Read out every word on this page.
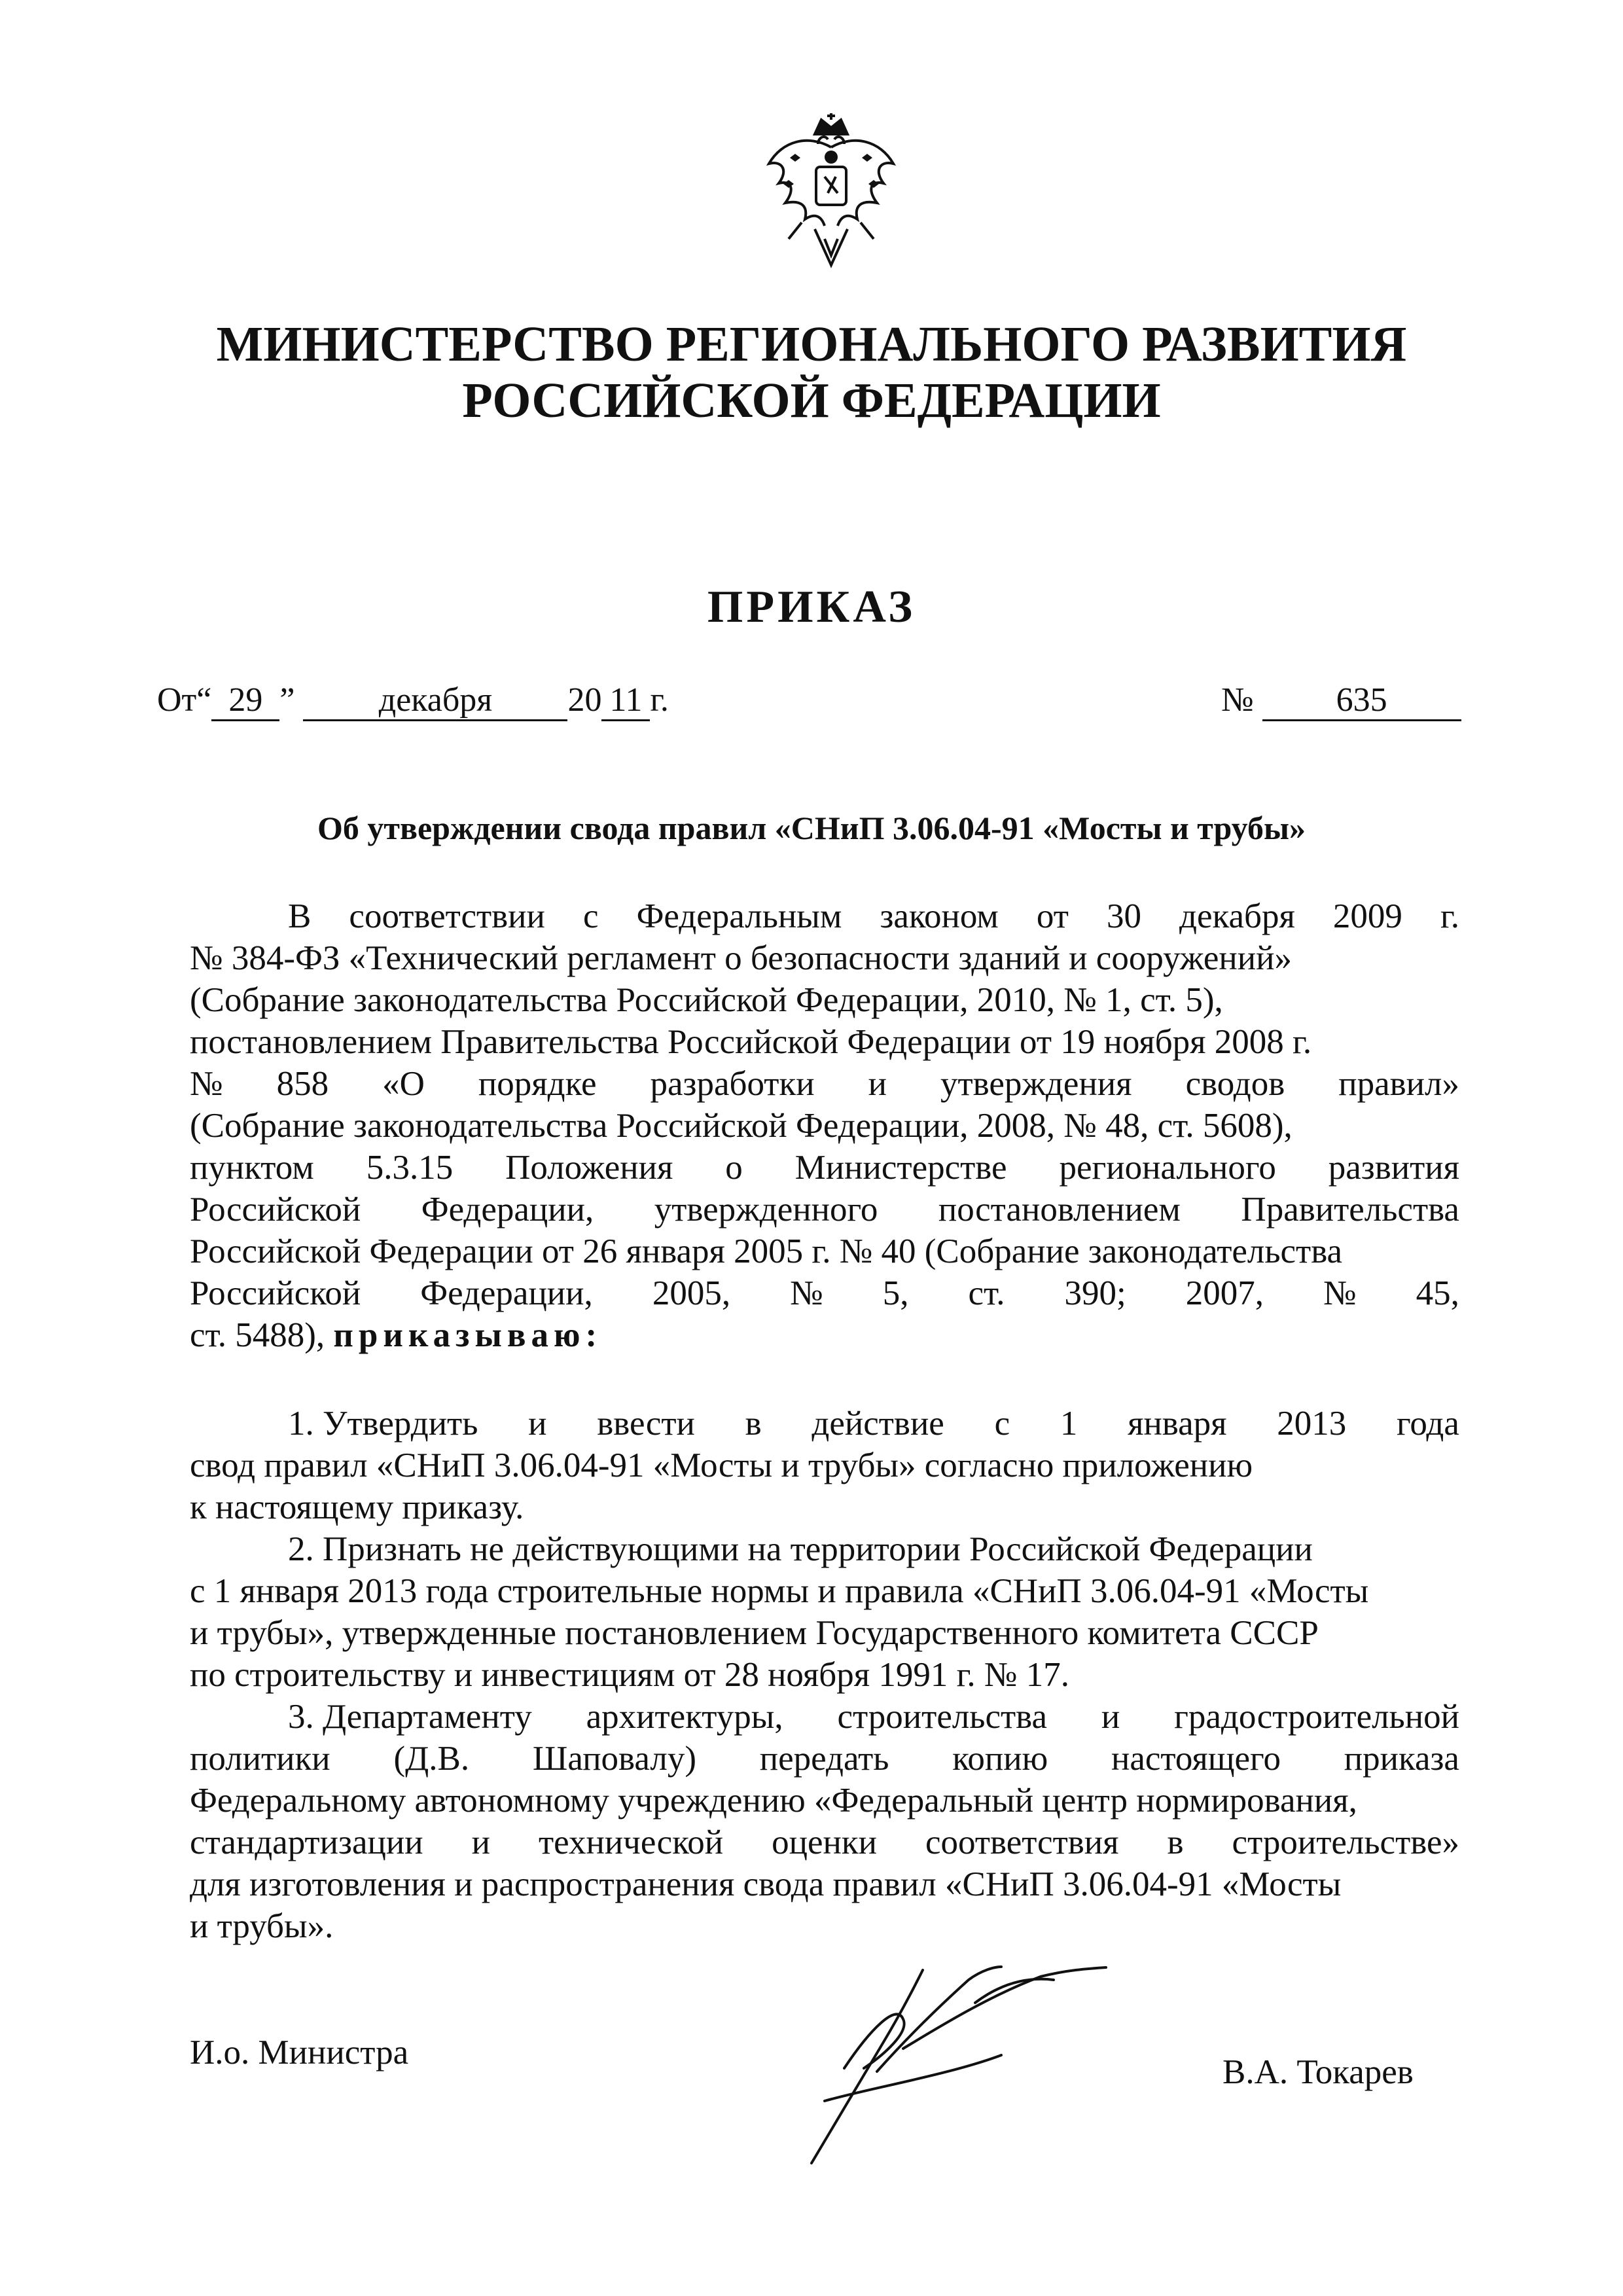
МИНИСТЕРСТВО РЕГИОНАЛЬНОГО РАЗВИТИЯ
РОССИЙСКОЙ ФЕДЕРАЦИИ
ПРИКАЗ
От“ 29 ” декабря 20 11 г.	№ 635
Об утверждении свода правил «СНиП 3.06.04-91 «Мосты и трубы»
В соответствии с Федеральным законом от 30 декабря 2009 г.
№ 384-ФЗ «Технический регламент о безопасности зданий и сооружений»
(Собрание законодательства Российской Федерации, 2010, № 1, ст. 5),
постановлением Правительства Российской Федерации от 19 ноября 2008 г.
№ 858 «О порядке разработки и утверждения сводов правил»
(Собрание законодательства Российской Федерации, 2008, № 48, ст. 5608),
пунктом 5.3.15 Положения о Министерстве регионального развития
Российской Федерации, утвержденного постановлением Правительства
Российской Федерации от 26 января 2005 г. № 40 (Собрание законодательства
Российской Федерации, 2005, № 5, ст. 390; 2007, № 45,
ст. 5488), приказываю:
1. Утвердить и ввести в действие с 1 января 2013 года
свод правил «СНиП 3.06.04-91 «Мосты и трубы» согласно приложению
к настоящему приказу.
2. Признать не действующими на территории Российской Федерации
с 1 января 2013 года строительные нормы и правила «СНиП 3.06.04-91 «Мосты
и трубы», утвержденные постановлением Государственного комитета СССР
по строительству и инвестициям от 28 ноября 1991 г. № 17.
3. Департаменту архитектуры, строительства и градостроительной
политики (Д.В. Шаповалу) передать копию настоящего приказа
Федеральному автономному учреждению «Федеральный центр нормирования,
стандартизации и технической оценки соответствия в строительстве»
для изготовления и распространения свода правил «СНиП 3.06.04-91 «Мосты
и трубы».
И.о. Министра
В.А. Токарев
